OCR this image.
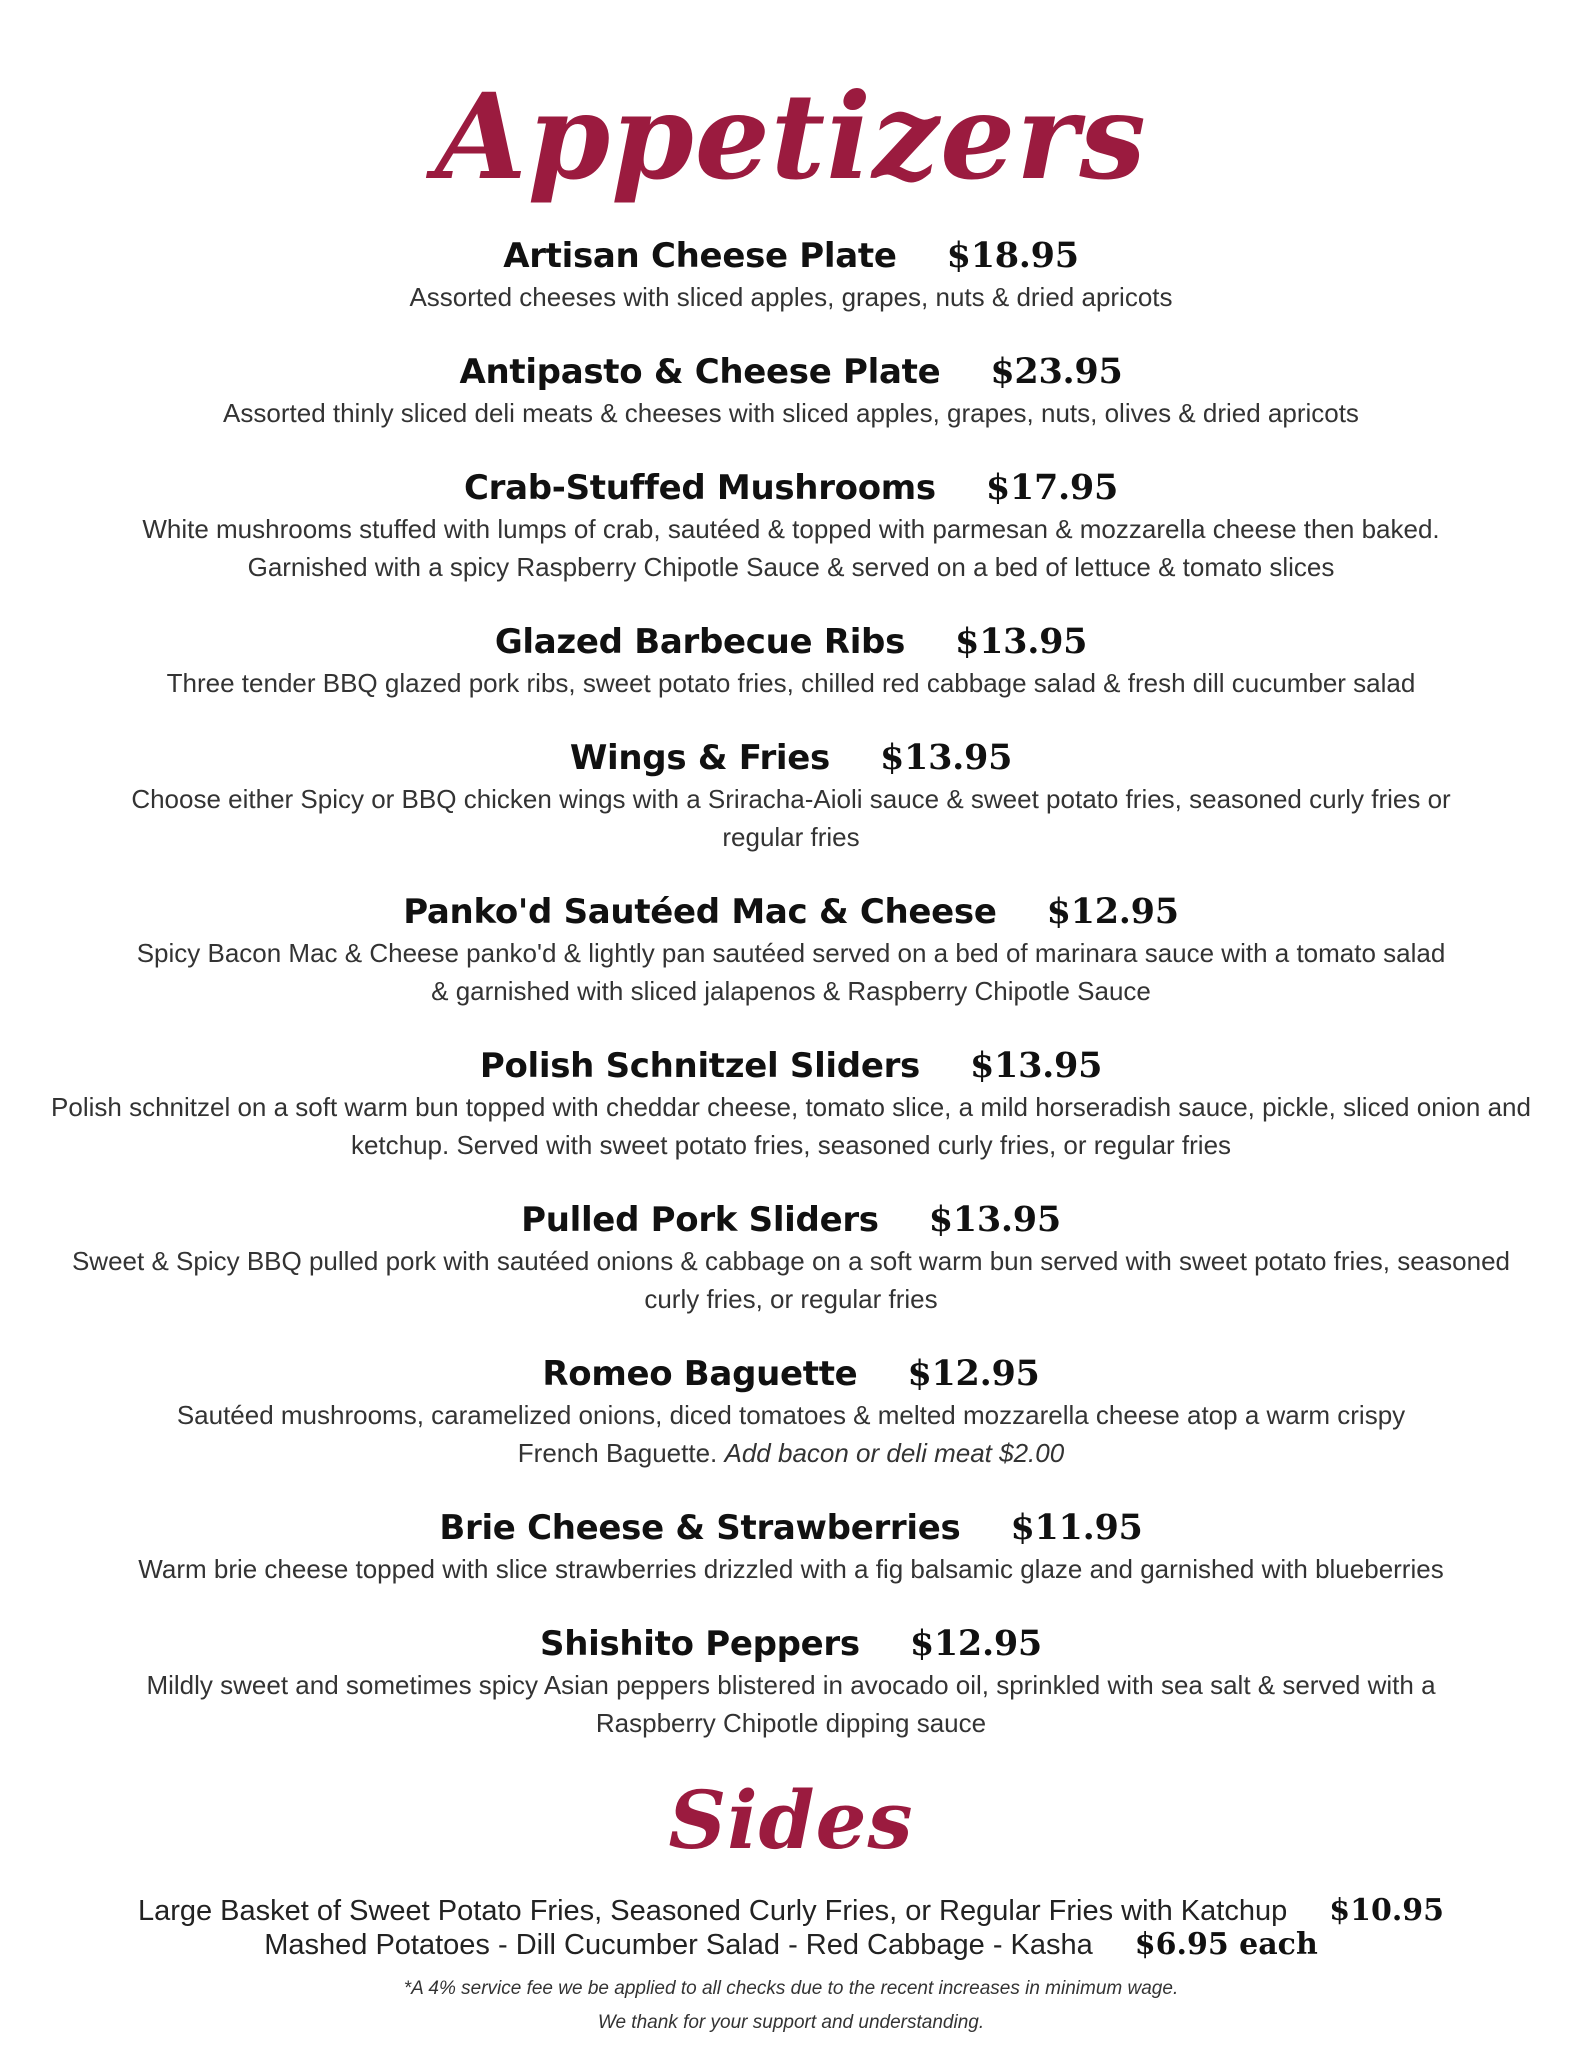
Appetizers
Artisan Cheese Plate $18.95
Assorted cheeses with sliced apples, grapes, nuts & dried apricots
Antipasto & Cheese Plate $23.95
Assorted thinly sliced deli meats & cheeses with sliced apples, grapes, nuts, olives & dried apricots
Crab-Stuffed Mushrooms $17.95
White mushrooms stuffed with lumps of crab, sautéed & topped with parmesan & mozzarella cheese then baked. Garnished with a spicy Raspberry Chipotle Sauce & served on a bed of lettuce & tomato slices
Glazed Barbecue Ribs $13.95
Three tender BBQ glazed pork ribs, sweet potato fries, chilled red cabbage salad & fresh dill cucumber salad
Wings & Fries $13.95
Choose either Spicy or BBQ chicken wings with a Sriracha-Aioli sauce & sweet potato fries, seasoned curly fries or regular fries
Panko'd Sautéed Mac & Cheese $12.95
Spicy Bacon Mac & Cheese panko'd & lightly pan sautéed served on a bed of marinara sauce with a tomato salad & garnished with sliced jalapenos & Raspberry Chipotle Sauce
Polish Schnitzel Sliders $13.95
Polish schnitzel on a soft warm bun topped with cheddar cheese, tomato slice, a mild horseradish sauce, pickle, sliced onion and ketchup. Served with sweet potato fries, seasoned curly fries, or regular fries
Pulled Pork Sliders $13.95
Sweet & Spicy BBQ pulled pork with sautéed onions & cabbage on a soft warm bun served with sweet potato fries, seasoned curly fries, or regular fries
Romeo Baguette $12.95
Sautéed mushrooms, caramelized onions, diced tomatoes & melted mozzarella cheese atop a warm crispy French Baguette. Add bacon or deli meat $2.00
Brie Cheese & Strawberries $11.95
Warm brie cheese topped with slice strawberries drizzled with a fig balsamic glaze and garnished with blueberries
Shishito Peppers $12.95
Mildly sweet and sometimes spicy Asian peppers blistered in avocado oil, sprinkled with sea salt & served with a Raspberry Chipotle dipping sauce
Sides
Large Basket of Sweet Potato Fries, Seasoned Curly Fries, or Regular Fries with Katchup $10.95
Mashed Potatoes - Dill Cucumber Salad - Red Cabbage - Kasha $6.95 each
*A 4% service fee we be applied to all checks due to the recent increases in minimum wage.
We thank for your support and understanding.
